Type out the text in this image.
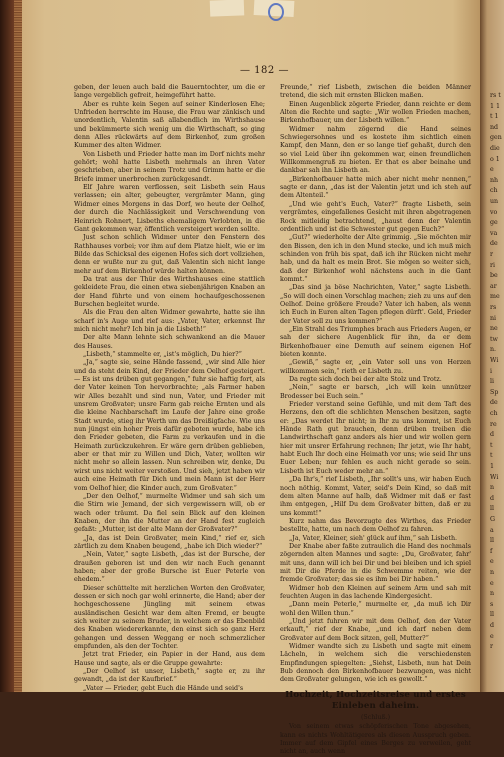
— 182 —

geben, der leuen auch bald die Bauerntochter, um die er lange vergeblich gefreit, heimgeführt hatte.

Aber es ruhte kein Segen auf seiner Kinderlosen Ehe; Unfrieden herrschte im Hause, die Frau war zänkisch und unordentlich, Valentin saß allabendlich im Wirthshause und bekümmerte sich wenig um die Wirthschaft, so ging denn Alles rückwärts auf dem Birkenhof, zum großen Kummer des alten Widmer.

Von Lisbeth und Frieder hatte man im Dorf nichts mehr gehört; wohl hatte Lisbeth mehrmals an ihren Vater geschrieben, aber in seinem Trotz und Grimm hatte er die Briefe immer unerbrochen zurückgesandt.

Elf Jahre waren verflossen, seit Lisbeth sein Haus verlassen; ein alter, gebeugter, vergrämter Mann, ging Widmer eines Morgens in das Dorf, wo heute der Oelhof, der durch die Nachlässigkeit und Verschwendung von Heinrich Rohnert, Lisbeths ehemaligem Verlobten, in die Gant gekommen war, öffentlich versteigert werden sollte.

Just schon schlich Widmer unter den Fenstern des Rathhauses vorbei; vor ihm auf dem Platze hielt, wie er im Bilde das Schicksal des eigenen Hofes sich dort vollziehen, denn er wußte nur zu gut, daß Valentin sich nicht lange mehr auf dem Birkenhof würde halten können.

Da trat aus der Thür des Wirthshauses eine stattlich gekleidete Frau, die einen etwa siebenjährigen Knaben an der Hand führte und von einem hochaufgeschossenen Burschen begleitet wurde.

Als die Frau den alten Widmer gewahrte, hatte sie ihn scharf in's Auge und rief aus: „Vater, Vater, erkennst Ihr mich nicht mehr? Ich bin ja die Lisbeth!“

Der alte Mann lehnte sich schwankend an die Mauer des Hauses.

„Lisbeth,“ stammelte er, „ist's möglich, Du hier?“

„Ja,“ sagte sie, seine Hände fassend, „wir sind Alle hier und da steht dein Kind, der Frieder dem Oelhof gesteigert. — Es ist uns drüben gut gegangen,“ fuhr sie haftig fort, als der Vater keinen Ton hervorbrachte; „als Farmer haben wir Alles bezahlt und sind nun, Vater, und Frieder mit unsrem Großvater; unsre Farm gab reiche Ernten und als die kleine Nachbarschaft im Laufe der Jahre eine große Stadt wurde, stieg ihr Werth um das Dreißigfache. Wie uns nun jüngst ein hoher Preis dafür geboten wurde, habe ich den Frieder gebeten, die Farm zu verkaufen und in die Heimath zurückzukehren. Er wäre gern drüben geblieben, aber er that mir zu Willen und Dich, Vater, wollten wir nicht mehr so allein lassen. Nun schreiben wir, denke, Du wirst uns nicht weiter verstoßen. Und sieh, jetzt haben wir auch eine Heimath für Dich und mein Mann ist der Herr vom Oelhof hier, die Kinder auch, zum Großvater.“

„Der den Oelhof,“ murmelte Widmer und sah sich um die Stirn wie Jemand, der sich vergewissern will, ob er wach oder träumt. Da fiel sein Blick auf den kleinen Knaben, der ihn die Mutter an der Hand fest zugleich gefaßt: „Mutter, ist der alte Mann der Großvater?“

„Ja, das ist Dein Großvater, mein Kind,“ rief er, sich zärtlich zu dem Knaben beugend, „habe ich Dich wieder?“

„Nein, Vater,“ sagte Lisbeth, „das ist der Bursche, der draußen geboren ist und den wir nach Euch genannt haben; aber der große Bursche ist Euer Peterle von ehedem.“

Dieser schüttelte mit herzlichen Worten den Großvater, dessen er sich noch gar wohl erinnerte, die Hand; aber der hochgeschossene Jüngling mit seinem etwas ausländischen Gesicht war dem alten Fremd, er beugte sich weiter zu seinem Bruder, in welchem er das Ebenbild des Knaben wiedererkannte, den einst sich so ganz Herz gehangen und dessen Weggang er noch schmerzlicher empfunden, als den der Tochter.

Jetzt trat Frieder, ein Papier in der Hand, aus dem Hause und sagte, als er die Gruppe gewahrte:

„Der Oelhof ist unser, Lisbeth,“ sagte er, zu ihr gewandt, „da ist der Kaufbrief.“

„Vater — Frieder, gebt Euch die Hände und seid's

Freunde,“ rief Lisbeth, zwischen die beiden Männer tretend, die sich mit ernsten Blicken maßen.

Einen Augenblick zögerte Frieder, dann reichte er dem Alten die Rechte und sagte: „Wir wollen Frieden machen, Birkenhofbauer, um der Lisbeth willen.“

Widmer nahm zögernd die Hand seines Schwiegersohnes und es kostete ihm sichtlich einen Kampf, den Mann, den er so lange tief gehaßt, durch den so viel Leid über ihn gekommen war, einen freundlichen Willkommengruß zu bieten. Er that es aber beinahe und dankbar sah ihn Lisbeth an.

„Birkenhofbauer hatte mich aber nicht mehr nennen,“ sagte er dann, „das ist der Valentin jetzt und ich steh auf dem Altenteil.“

„Und wie geht's Euch, Vater?“ fragte Lisbeth, sein vergrämtes, eingefallenes Gesicht mit ihren abgetragenen Rock mitleidig betrachtend, „haust denn der Valentin ordentlich und ist die Schwester gut gegen Euch?“

„Gut?“ wiederholte der Alte grimmig. „Sie möchten mir den Bissen, den ich in den Mund stecke, und ich muß mich schinden von früh bis spat, daß ich ihr Rücken nicht mehr hab, und da halt es mein Brot. Sie mögen so weiter sich, daß der Birkenhof wohl nächstens auch in die Gant kommt.“

„Das sind ja böse Nachrichten, Vater,“ sagte Lisbeth. „So will doch einen Vorschlag machen; zieh zu uns auf den Oelhof. Deine größere Freude? Vater ich haben, als wenn ich Euch in Euren alten Tagen pflegen dürft'. Geld, Frieder der Vater soll zu uns kommen?“

„Ein Strahl des Triumphes brach aus Frieders Augen, er sah der sichere Augenblick für ihn, da er dem Birkenhofbauer eine Demuth auf seinem eigenen Hof bieten konnte.

„Gewiß,“ sagte er, „ein Vater soll uns von Herzen willkommen sein,“ rieth er Lisbeth zu.

Da regte sich doch bei der alte Stolz und Trotz.

„Nein,“ sagte er barsch, „ich will kein unnützer Brodesser bei Euch sein.“

Frieder verstand seine Gefühle, und mit dem Taft des Herzens, den oft die schlichten Menschen besitzen, sagte er: „Das werdet Ihr nicht; in Ihr zu uns kommt, ist Euch Hände Rath gut brauchen, denn drüben treiben die Landwirthschaft ganz anders als hier und wir wollen gern hier mit unsrer Erfahrung rechnen; Ihr jetzt, wie Ihr habt, habt Euch Ihr doch eine Heimath vor uns; wie seid Ihr uns Euer Leben; nur fehlen es auch nicht gerade so sein. Lisbeth ist Euch weder mehr an.“

„Da Ihr's,“ rief Lisbeth, „Ihr sollt's uns, wir haben Euch noch nöthig. Kommt, Vater, seid's Dein Kind, so daß mit dem alten Manne auf halb, daß Widmer mit daß er fast ihm entgegen, „Hilf Du dem Großvater bitten, daß er zu uns kommt!“

Kurz nahm das Bevorzugte des Wirthes, das Frieder bestellte, hatte, um nach dem Oelhof zu fahren.

„Ja, Vater, Kleiner, sieh' glück auf ihm,“ sah Lisbeth.

Der Knabe aber faßte zutraulich die Hand des nochmals zögernden alten Mannes und sagte: „Du, Großvater, fahr' mit uns, dann will ich bei Dir und bei bleiben und ich spiel mit Dir die Pferde in die Schwemme reiten, wie der fremde Großvater; das sie es ihm bei Dir haben.“

Widmer hob den Kleinen auf seinem Arm und sah mit feuchten Augen in das lachende Kindergesicht.

„Dann mein Peterle,“ murmelte er, „da muß ich Dir wohl den Willen thun.“

„Und jetzt fuhren wir mit dem Oelhof, den der Vater erkauft,“ rief der Knabe, „und ich darf neben dem Großvater auf dem Bock sitzen, gell, Mutter?“

Widmer wandte sich zu Lisbeth und sagte mit einem Lächeln, in welchem sich die verschiedensten Empfindungen spiegelten: „Siehst, Lisbeth, nun hat Dein Bub dennoch den Birkenhofbauer bezwungen, was nicht dem Großvater gelungen, wie ich es gewollt.“

Hochzeit, Hochzeitsreise und erstes Einleben daheim.
(Schluß.)

Von seinem etwas schöpferischen Tone abgesehen, kann es nichts Wohltätigeres als diesen Ausspruch geben. Immer auf dem Gipfel eines Berges zu verweilen, geht nicht an, auch wenn

rs t
1 1
t 1
nd
gen
die
o 1
e
nh
ch
un
vo
ge
va
de
r
ri
be
ar
me
rs
ni
ne
tw
n.
Wi
i
li
Sp
de
ch
re
d
t
t
1
Wi
n
d
ll
G
a
ll
f
e
n
e
n
s
ll
d
e
r
